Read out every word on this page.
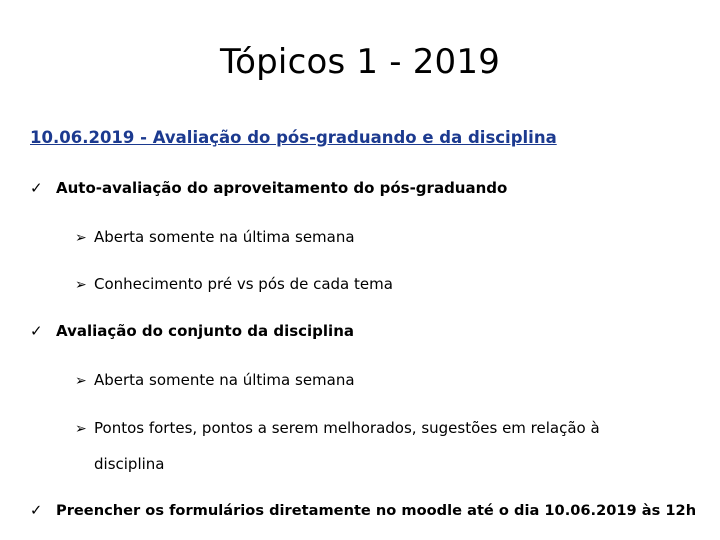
Tópicos 1 - 2019
10.06.2019 - Avaliação do pós-graduando e da disciplina
✓ Auto-avaliação do aproveitamento do pós-graduando
➢ Aberta somente na última semana
➢ Conhecimento pré vs pós de cada tema
✓ Avaliação do conjunto da disciplina
➢ Aberta somente na última semana
➢ Pontos fortes, pontos a serem melhorados, sugestões em relação à
disciplina
✓ Preencher os formulários diretamente no moodle até o dia 10.06.2019 às 12h
